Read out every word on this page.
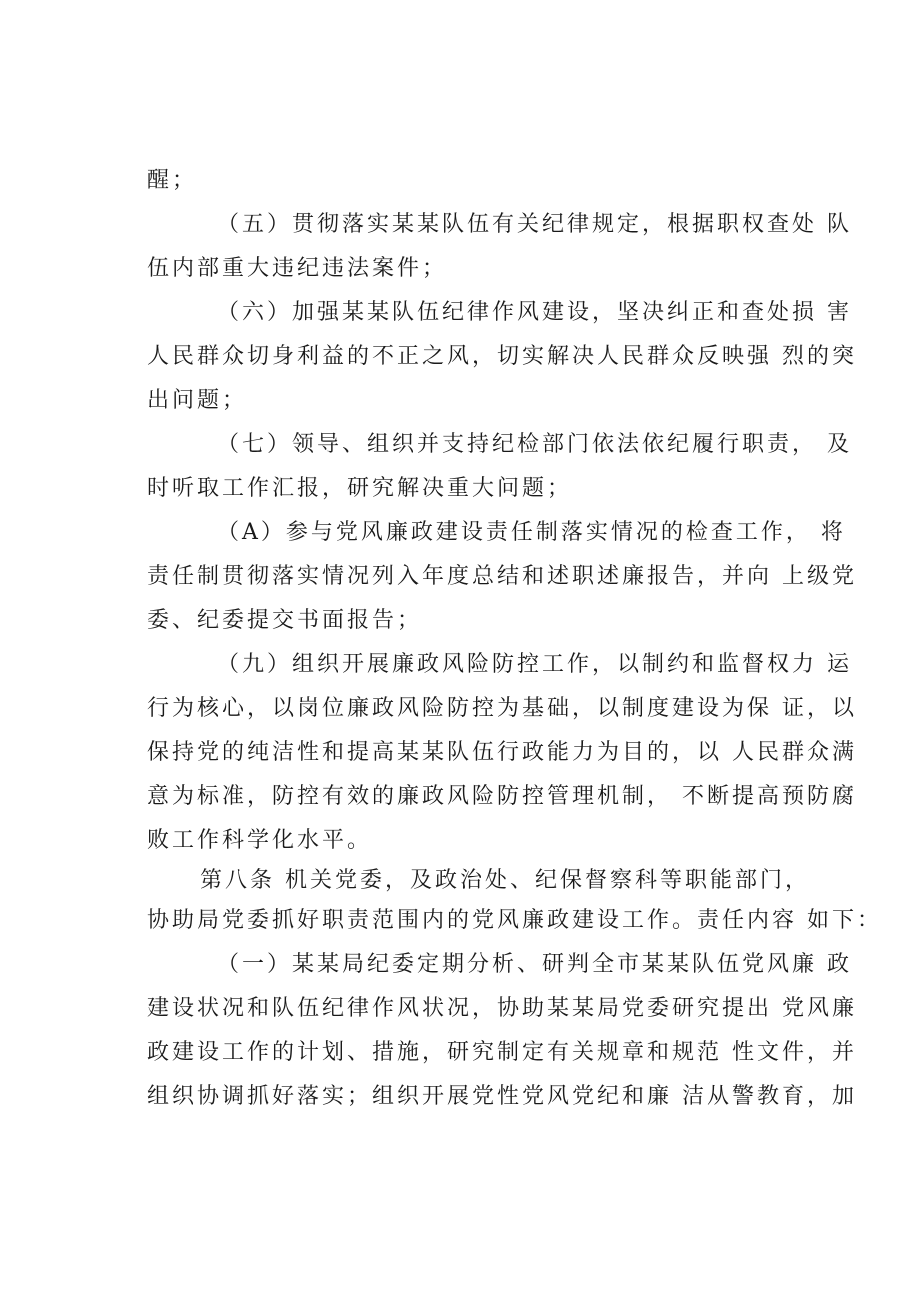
醒；
（五）贯彻落实某某队伍有关纪律规定，根据职权查处 队
伍内部重大违纪违法案件；
（六）加强某某队伍纪律作风建设，坚决纠正和查处损 害
人民群众切身利益的不正之风，切实解决人民群众反映强 烈的突
出问题；
（七）领导、组织并支持纪检部门依法依纪履行职责， 及
时听取工作汇报，研究解决重大问题；
（A）参与党风廉政建设责任制落实情况的检查工作， 将
责任制贯彻落实情况列入年度总结和述职述廉报告，并向 上级党
委、纪委提交书面报告；
（九）组织开展廉政风险防控工作，以制约和监督权力 运
行为核心，以岗位廉政风险防控为基础，以制度建设为保 证，以
保持党的纯洁性和提高某某队伍行政能力为目的，以 人民群众满
意为标准，防控有效的廉政风险防控管理机制， 不断提高预防腐
败工作科学化水平。
第八条 机关党委，及政治处、纪保督察科等职能部门，
协助局党委抓好职责范围内的党风廉政建设工作。责任内容 如下：
（一）某某局纪委定期分析、研判全市某某队伍党风廉 政
建设状况和队伍纪律作风状况，协助某某局党委研究提出 党风廉
政建设工作的计划、措施，研究制定有关规章和规范 性文件，并
组织协调抓好落实；组织开展党性党风党纪和廉 洁从警教育，加
